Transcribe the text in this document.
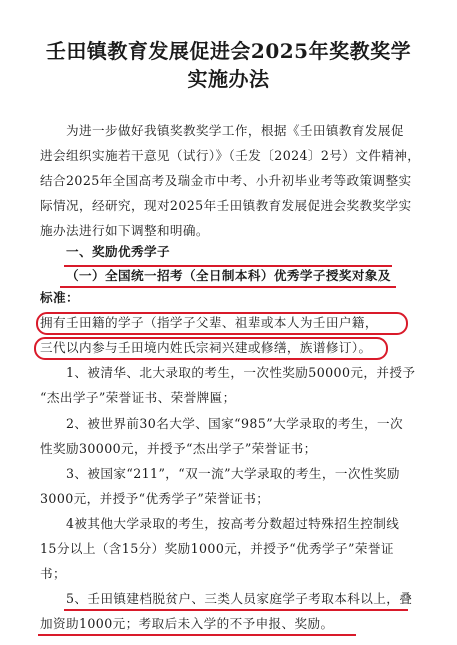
壬田镇教育发展促进会2025年奖教奖学
实施办法
为进一步做好我镇奖教奖学工作，根据《壬田镇教育发展促
进会组织实施若干意见（试行）》（壬发〔2024〕2号）文件精神，
结合2025年全国高考及瑞金市中考、小升初毕业考等政策调整实
际情况，经研究，现对2025年壬田镇教育发展促进会奖教奖学实
施办法进行如下调整和明确。
一、奖励优秀学子
（一）全国统一招考（全日制本科）优秀学子授奖对象及
标准：
拥有壬田籍的学子（指学子父辈、祖辈或本人为壬田户籍，
三代以内参与壬田境内姓氏宗祠兴建或修缮，族谱修订）。
1、被清华、北大录取的考生，一次性奖励50000元，并授予
“杰出学子”荣誉证书、荣誉牌匾；
2、被世界前30名大学、国家“985”大学录取的考生，一次
性奖励30000元，并授予“杰出学子”荣誉证书；
3、被国家“211”，“双一流”大学录取的考生，一次性奖励
3000元，并授予“优秀学子”荣誉证书；
4被其他大学录取的考生，按高考分数超过特殊招生控制线
15分以上（含15分）奖励1000元，并授予“优秀学子”荣誉证
书；
5、壬田镇建档脱贫户、三类人员家庭学子考取本科以上，叠
加资助1000元；考取后未入学的不予申报、奖励。
